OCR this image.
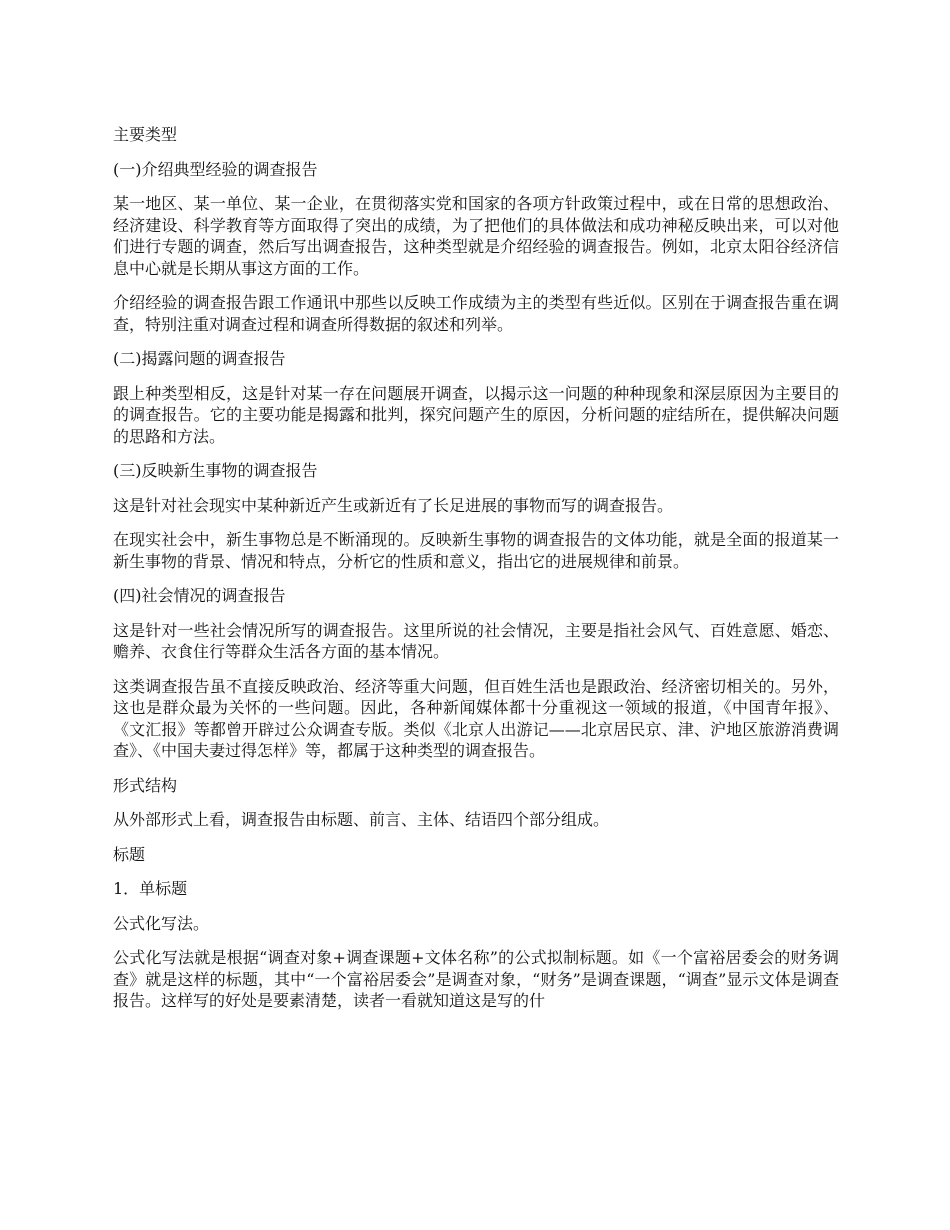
主要类型

(一)介绍典型经验的调查报告

某一地区、某一单位、某一企业，在贯彻落实党和国家的各项方针政策过程中，或在日常的思想政治、经济建设、科学教育等方面取得了突出的成绩，为了把他们的具体做法和成功神秘反映出来，可以对他们进行专题的调查，然后写出调查报告，这种类型就是介绍经验的调查报告。例如，北京太阳谷经济信息中心就是长期从事这方面的工作。

介绍经验的调查报告跟工作通讯中那些以反映工作成绩为主的类型有些近似。区别在于调查报告重在调查，特别注重对调查过程和调查所得数据的叙述和列举。

(二)揭露问题的调查报告

跟上种类型相反，这是针对某一存在问题展开调查，以揭示这一问题的种种现象和深层原因为主要目的的调查报告。它的主要功能是揭露和批判，探究问题产生的原因，分析问题的症结所在，提供解决问题的思路和方法。

(三)反映新生事物的调查报告

这是针对社会现实中某种新近产生或新近有了长足进展的事物而写的调查报告。

在现实社会中，新生事物总是不断涌现的。反映新生事物的调查报告的文体功能，就是全面的报道某一新生事物的背景、情况和特点，分析它的性质和意义，指出它的进展规律和前景。

(四)社会情况的调查报告

这是针对一些社会情况所写的调查报告。这里所说的社会情况，主要是指社会风气、百姓意愿、婚恋、赡养、衣食住行等群众生活各方面的基本情况。

这类调查报告虽不直接反映政治、经济等重大问题，但百姓生活也是跟政治、经济密切相关的。另外，这也是群众最为关怀的一些问题。因此，各种新闻媒体都十分重视这一领域的报道，《中国青年报》、《文汇报》等都曾开辟过公众调查专版。类似《北京人出游记——北京居民京、津、沪地区旅游消费调查》、《中国夫妻过得怎样》等，都属于这种类型的调查报告。

形式结构

从外部形式上看，调查报告由标题、前言、主体、结语四个部分组成。

标题

1．单标题

公式化写法。

公式化写法就是根据“调查对象+调查课题+文体名称”的公式拟制标题。如《一个富裕居委会的财务调查》就是这样的标题，其中“一个富裕居委会”是调查对象，“财务”是调查课题，“调查”显示文体是调查报告。这样写的好处是要素清楚，读者一看就知道这是写的什
